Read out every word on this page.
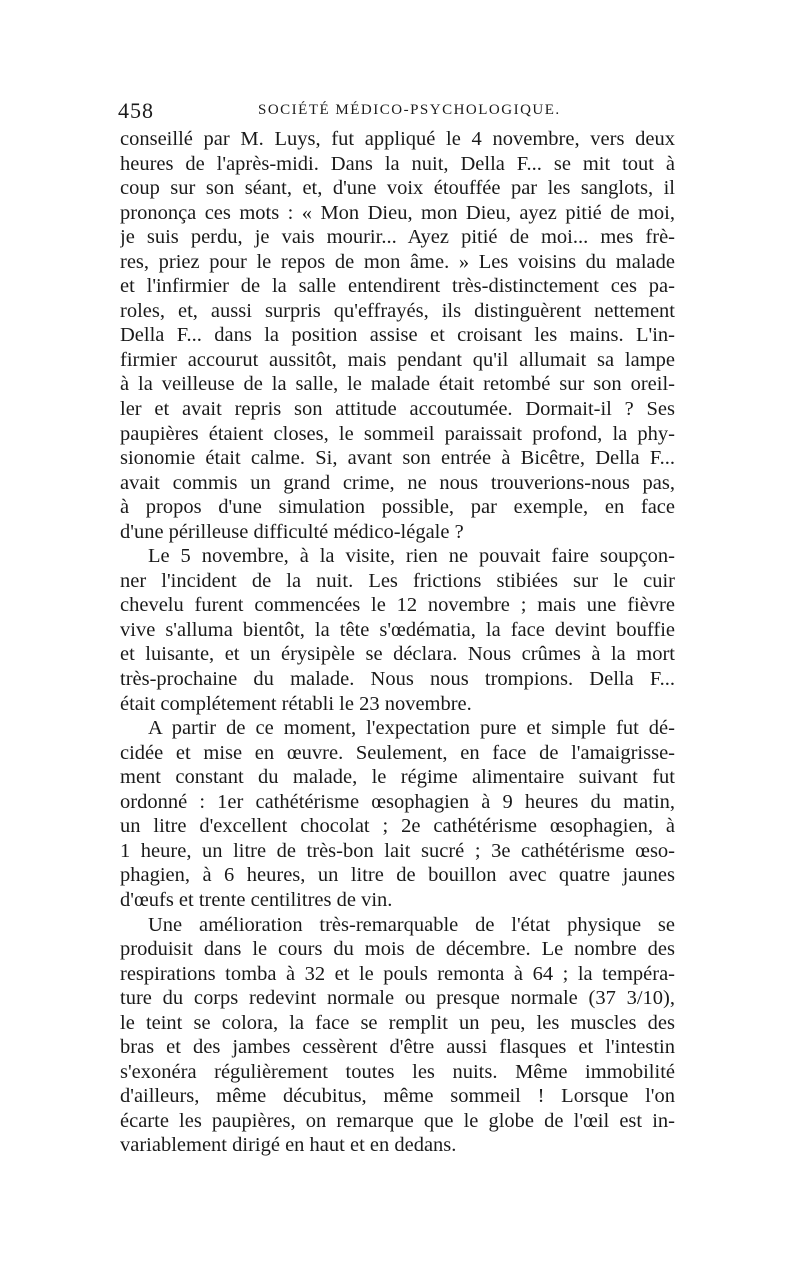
458	SOCIÉTÉ MÉDICO-PSYCHOLOGIQUE.
conseillé par M. Luys, fut appliqué le 4 novembre, vers deux
heures de l'après-midi. Dans la nuit, Della F... se mit tout à
coup sur son séant, et, d'une voix étouffée par les sanglots, il
prononça ces mots : « Mon Dieu, mon Dieu, ayez pitié de moi,
je suis perdu, je vais mourir... Ayez pitié de moi... mes frè-
res, priez pour le repos de mon âme. » Les voisins du malade
et l'infirmier de la salle entendirent très-distinctement ces pa-
roles, et, aussi surpris qu'effrayés, ils distinguèrent nettement
Della F... dans la position assise et croisant les mains. L'in-
firmier accourut aussitôt, mais pendant qu'il allumait sa lampe
à la veilleuse de la salle, le malade était retombé sur son oreil-
ler et avait repris son attitude accoutumée. Dormait-il ? Ses
paupières étaient closes, le sommeil paraissait profond, la phy-
sionomie était calme. Si, avant son entrée à Bicêtre, Della F...
avait commis un grand crime, ne nous trouverions-nous pas,
à propos d'une simulation possible, par exemple, en face
d'une périlleuse difficulté médico-légale ?
Le 5 novembre, à la visite, rien ne pouvait faire soupçon-
ner l'incident de la nuit. Les frictions stibiées sur le cuir
chevelu furent commencées le 12 novembre ; mais une fièvre
vive s'alluma bientôt, la tête s'œdématia, la face devint bouffie
et luisante, et un érysipèle se déclara. Nous crûmes à la mort
très-prochaine du malade. Nous nous trompions. Della F...
était complétement rétabli le 23 novembre.
A partir de ce moment, l'expectation pure et simple fut dé-
cidée et mise en œuvre. Seulement, en face de l'amaigrisse-
ment constant du malade, le régime alimentaire suivant fut
ordonné : 1er cathétérisme œsophagien à 9 heures du matin,
un litre d'excellent chocolat ; 2e cathétérisme œsophagien, à
1 heure, un litre de très-bon lait sucré ; 3e cathétérisme œso-
phagien, à 6 heures, un litre de bouillon avec quatre jaunes
d'œufs et trente centilitres de vin.
Une amélioration très-remarquable de l'état physique se
produisit dans le cours du mois de décembre. Le nombre des
respirations tomba à 32 et le pouls remonta à 64 ; la tempéra-
ture du corps redevint normale ou presque normale (37 3/10),
le teint se colora, la face se remplit un peu, les muscles des
bras et des jambes cessèrent d'être aussi flasques et l'intestin
s'exonéra régulièrement toutes les nuits. Même immobilité
d'ailleurs, même décubitus, même sommeil ! Lorsque l'on
écarte les paupières, on remarque que le globe de l'œil est in-
variablement dirigé en haut et en dedans.
